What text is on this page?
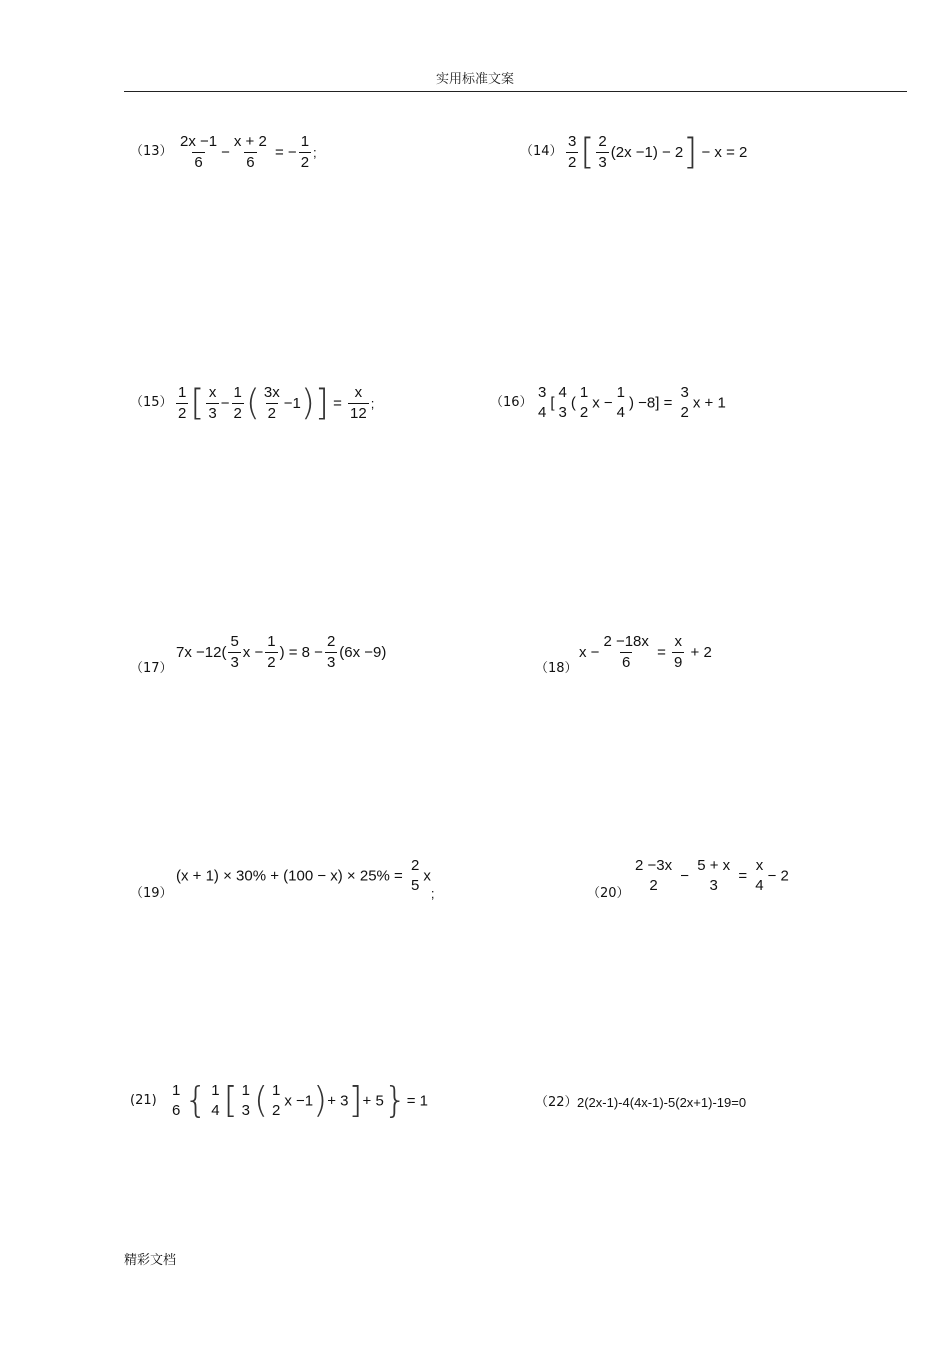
实用标准文案
$(13) \frac{2x -1}{6} - \frac{x + 2}{6}$ = − $\frac{1}{2}$ ;	$(14) \frac{3}{2}$ [ $\frac{2}{3} (2x -1) - 2] - x = 2$
$(15) \frac{1}{2}$ [ $\frac{x}{3} - \frac{1}{2}$ ( $\frac{3x}{2} -1)] = \frac{x}{12}$ ;	（16）
3
4
[
4
3
(
1
2
x −
1
4
) −8] =
3
2
x + 1
（17）
$7x -12( \frac{5}{3}$ $x - \frac{1}{2}$ ) = $8 - \frac{2}{3} (6x -9)$
（18）
$x - \frac{2 -18x}{6} = \frac{x}{9} + 2$
（19）
(x + 1) × 30% + (100 − x) × 25% =
2
5
x;	（20）
2 −3x
2
−
5 + x
3
=
x
4
− 2
(21)
1
6 { 1
4 [ 1
3 ( 1
2
x −1)+ 3]+ 5}= 1	（22） 2(2x-1)-4(4x-1)-5(2x+1)-19=0
精彩文档
